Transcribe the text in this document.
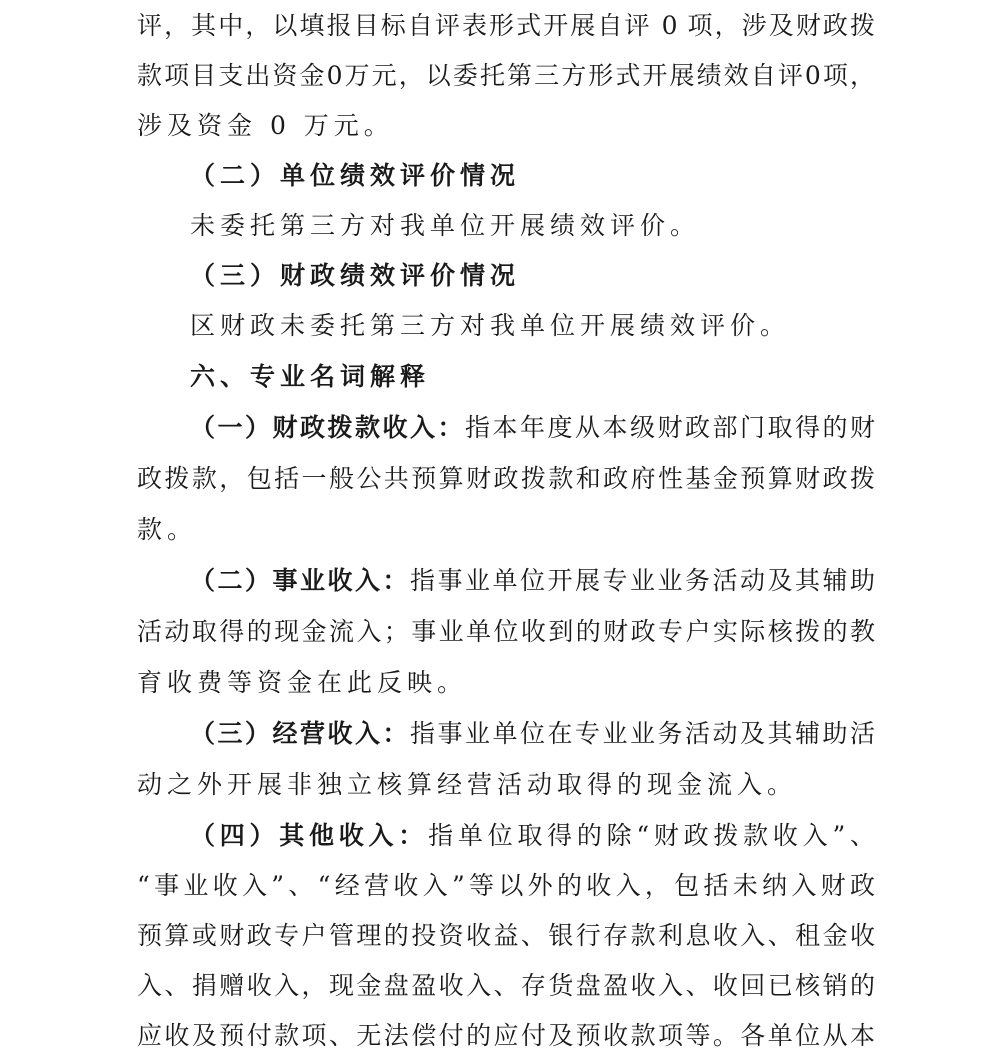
评，其中，以填报目标自评表形式开展自评 0 项，涉及财政拨
款项目支出资金0万元，以委托第三方形式开展绩效自评0项，
涉及资金 0 万元。
（二）单位绩效评价情况
未委托第三方对我单位开展绩效评价。
（三）财政绩效评价情况
区财政未委托第三方对我单位开展绩效评价。
六、专业名词解释
（一）财政拨款收入：指本年度从本级财政部门取得的财
政拨款，包括一般公共预算财政拨款和政府性基金预算财政拨
款。
（二）事业收入：指事业单位开展专业业务活动及其辅助
活动取得的现金流入；事业单位收到的财政专户实际核拨的教
育收费等资金在此反映。
（三）经营收入：指事业单位在专业业务活动及其辅助活
动之外开展非独立核算经营活动取得的现金流入。
（四）其他收入：指单位取得的除“财政拨款收入”、
“事业收入”、“经营收入”等以外的收入，包括未纳入财政
预算或财政专户管理的投资收益、银行存款利息收入、租金收
入、捐赠收入，现金盘盈收入、存货盘盈收入、收回已核销的
应收及预付款项、无法偿付的应付及预收款项等。各单位从本
